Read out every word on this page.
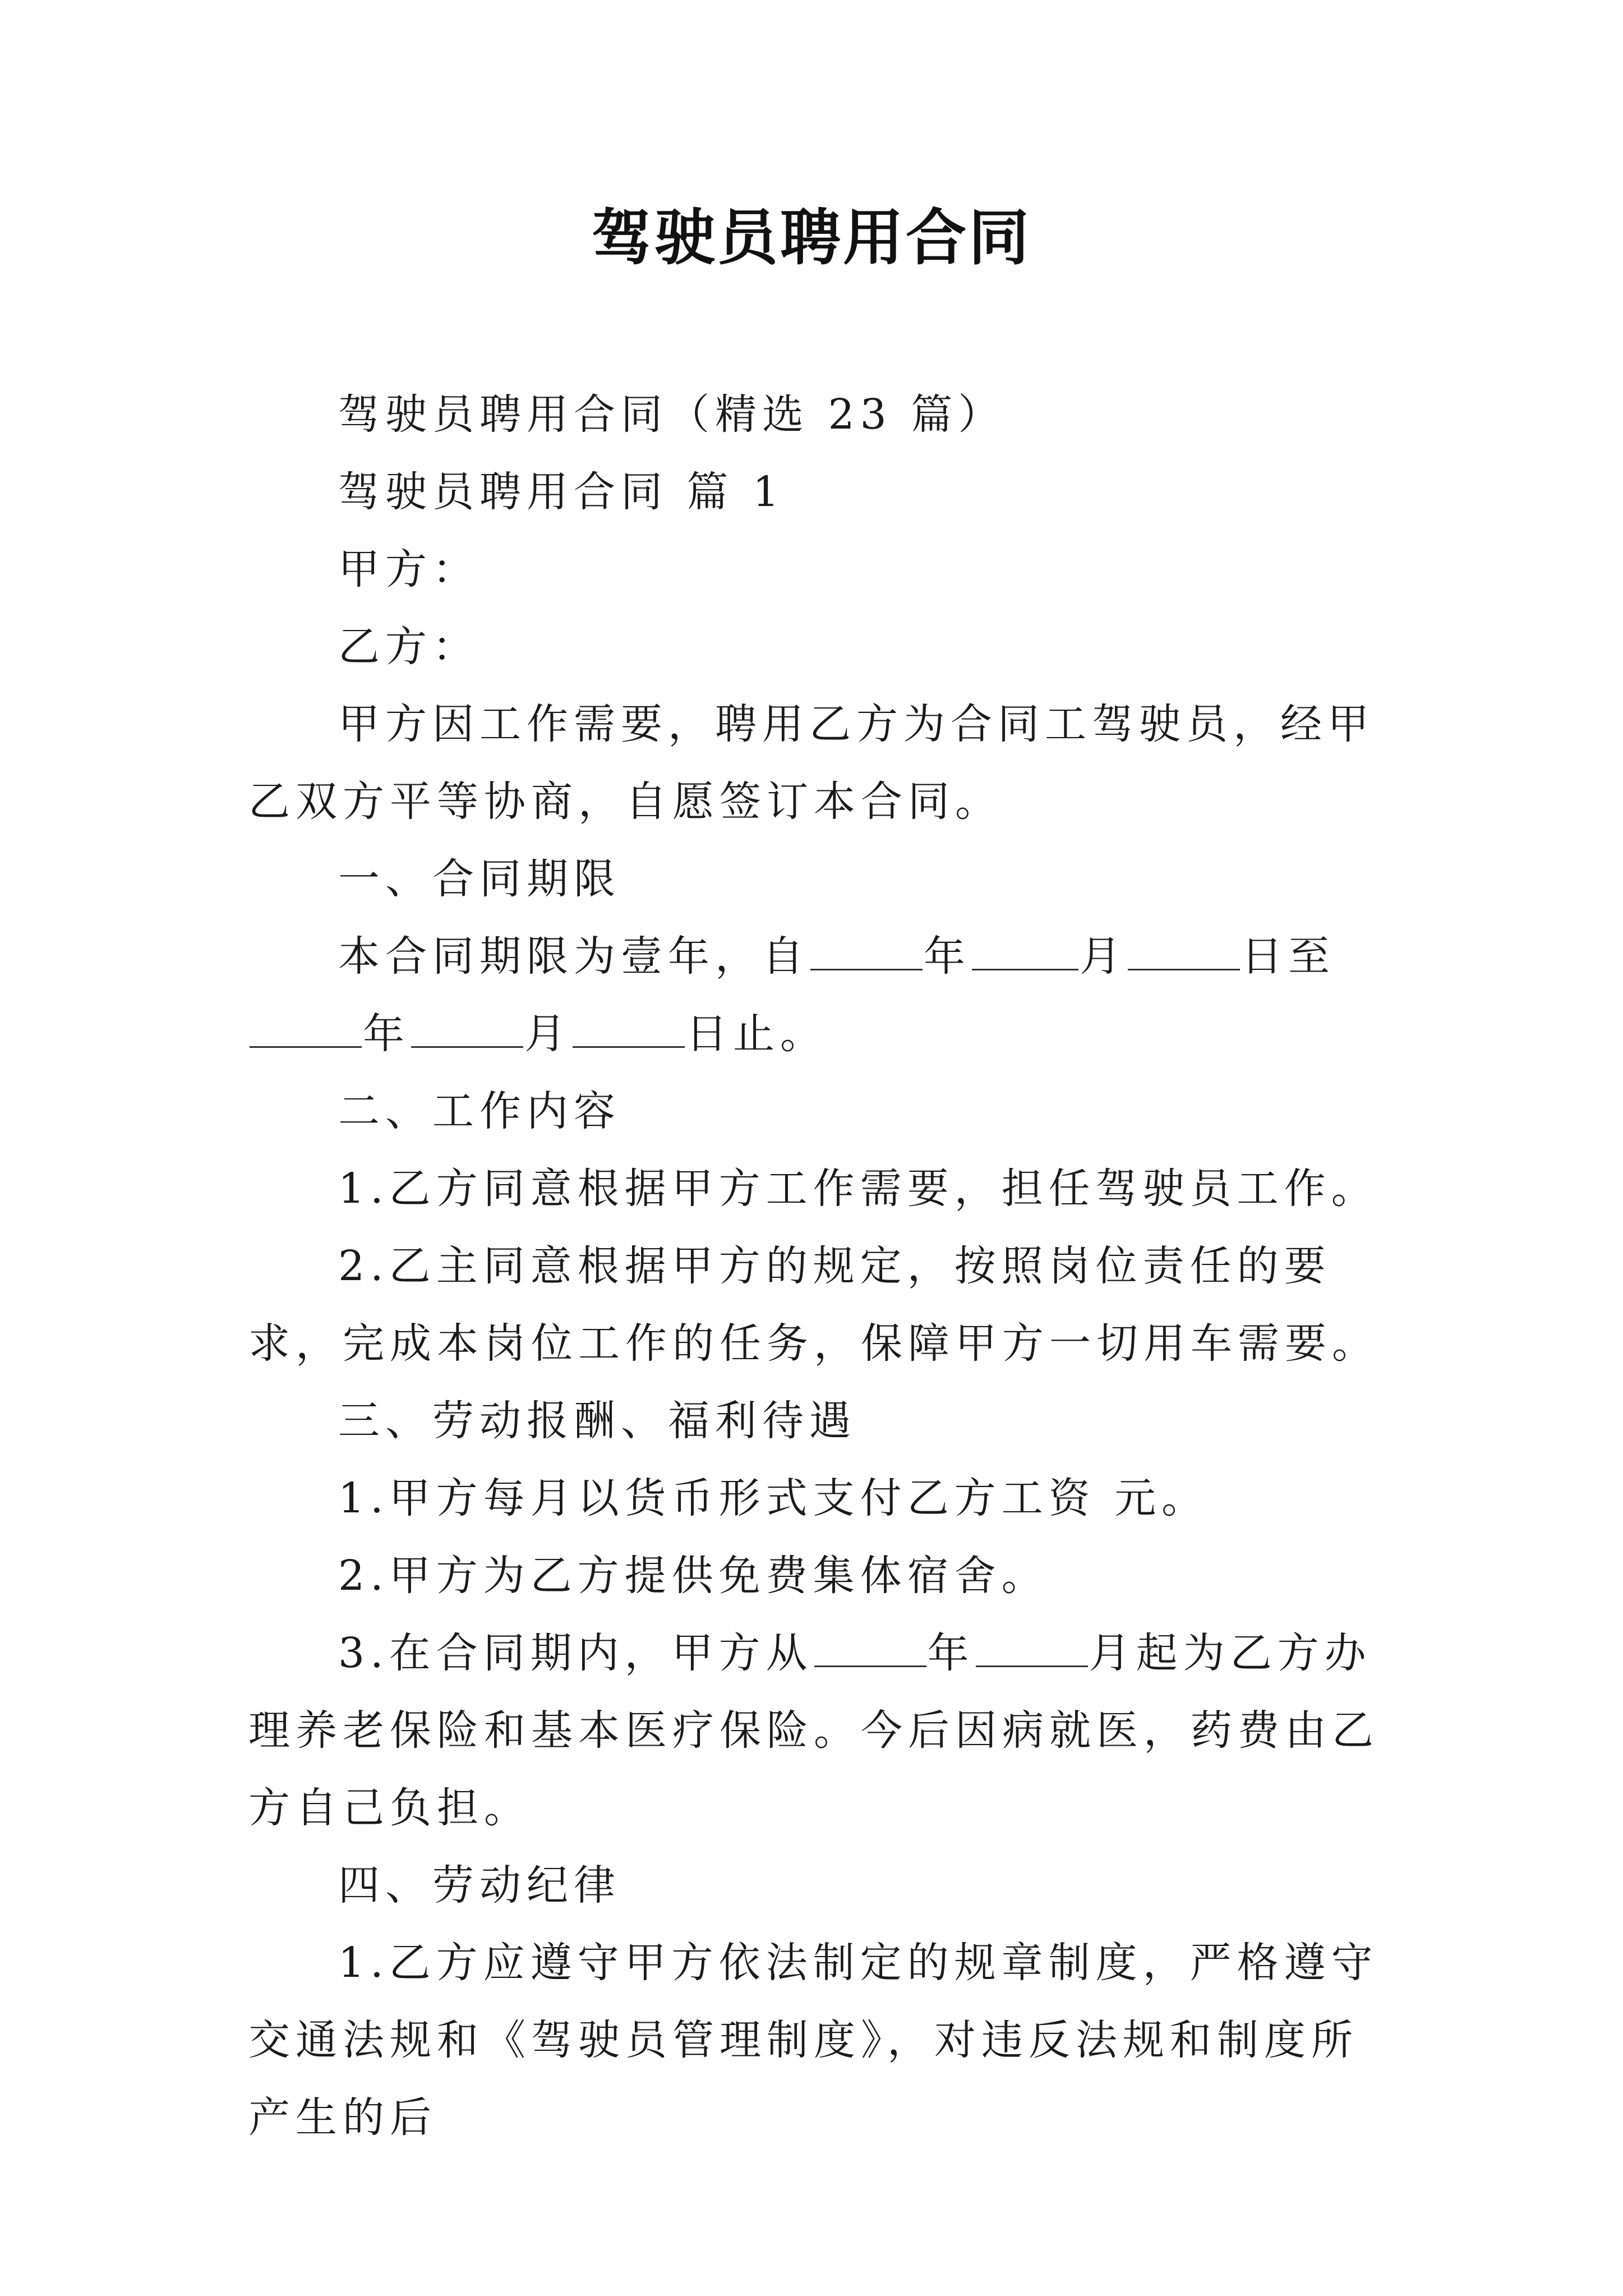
驾驶员聘用合同

驾驶员聘用合同（精选 23 篇）

驾驶员聘用合同 篇 1

甲方：

乙方：

甲方因工作需要，聘用乙方为合同工驾驶员，经甲乙双方平等协商，自愿签订本合同。

一、合同期限

本合同期限为壹年，自	年	月	日至年	月	日止。

二、工作内容

1.乙方同意根据甲方工作需要，担任驾驶员工作。

2.乙主同意根据甲方的规定，按照岗位责任的要求，完成本岗位工作的任务，保障甲方一切用车需要。

三、劳动报酬、福利待遇

1.甲方每月以货币形式支付乙方工资 元。

2.甲方为乙方提供免费集体宿舍。

3.在合同期内，甲方从	年	月起为乙方办理养老保险和基本医疗保险。今后因病就医，药费由乙方自己负担。

四、劳动纪律

1.乙方应遵守甲方依法制定的规章制度，严格遵守交通法规和《驾驶员管理制度》，对违反法规和制度所产生的后
